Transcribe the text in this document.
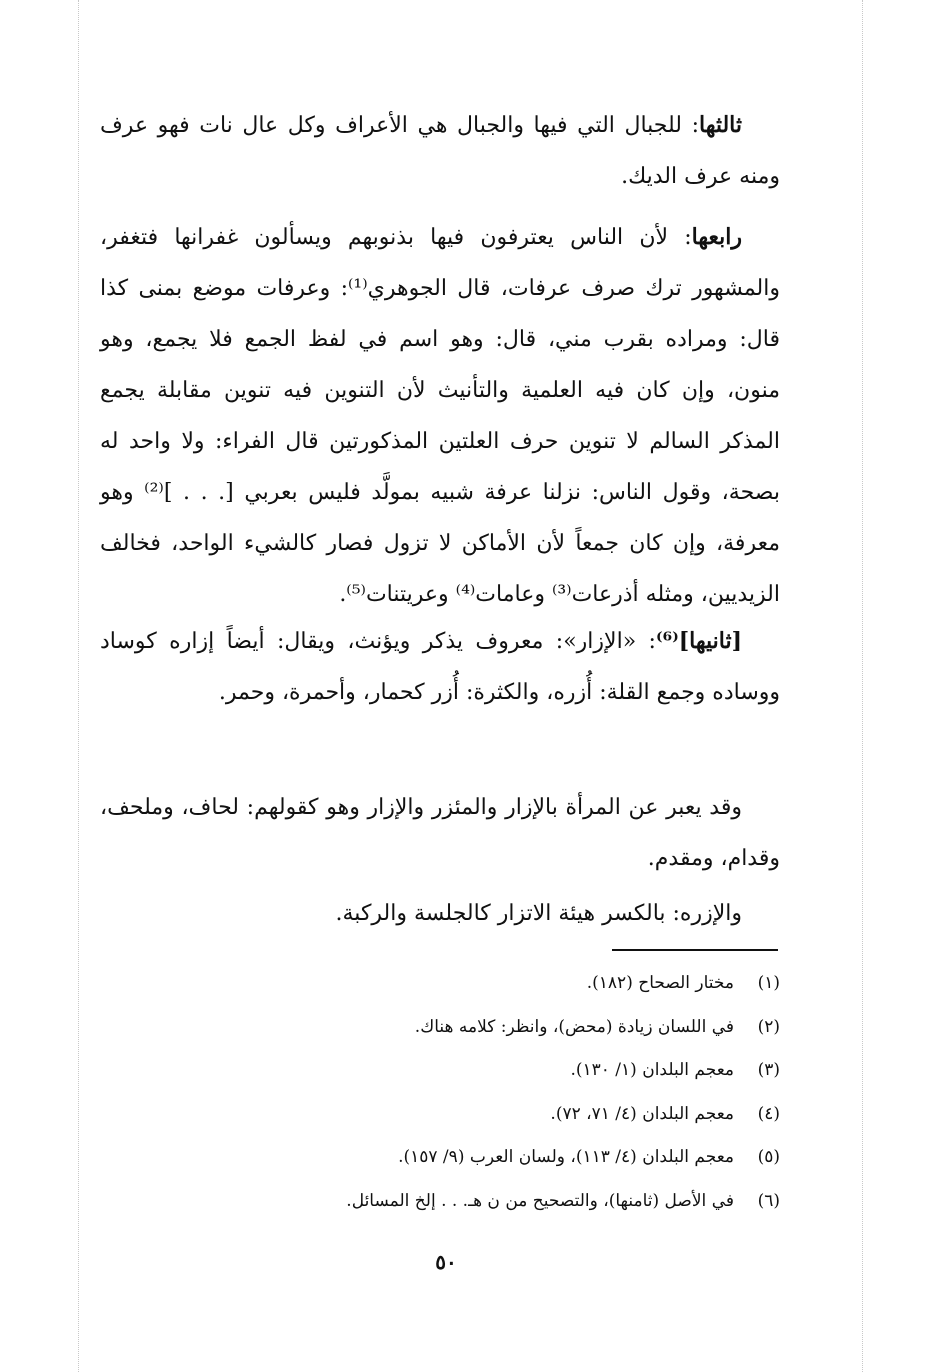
ثالثها: للجبال التي فيها والجبال هي الأعراف وكل عال نات فهو عرف ومنه عرف الديك.

رابعها: لأن الناس يعترفون فيها بذنوبهم ويسألون غفرانها فتغفر، والمشهور ترك صرف عرفات، قال الجوهري⁽¹⁾: وعرفات موضع بمنى كذا قال: ومراده بقرب مني، قال: وهو اسم في لفظ الجمع فلا يجمع، وهو منون، وإن كان فيه العلمية والتأنيث لأن التنوين فيه تنوين مقابلة يجمع المذكر السالم لا تنوين حرف العلتين المذكورتين قال الفراء: ولا واحد له بصحة، وقول الناس: نزلنا عرفة شبيه بمولَّد فليس بعربي [. . . ]⁽²⁾ وهو معرفة، وإن كان جمعاً لأن الأماكن لا تزول فصار كالشيء الواحد، فخالف الزيديين، ومثله أذرعات⁽³⁾ وعامات⁽⁴⁾ وعريتنات⁽⁵⁾.

[ثانيها]⁽⁶⁾: «الإزار»: معروف يذكر ويؤنث، ويقال: أيضاً إزاره كوساد ووساده وجمع القلة: أُزره، والكثرة: أُزر كحمار، وأحمرة، وحمر.

وقد يعبر عن المرأة بالإزار والمئزر والإزار وهو كقولهم: لحاف، وملحف، وقدام، ومقدم.

والإزره: بالكسر هيئة الاتزار كالجلسة والركبة.

(١)
مختار الصحاح (١٨٢).
(٢)
في اللسان زيادة (محض)، وانظر: كلامه هناك.
(٣)
معجم البلدان (١/ ١٣٠).
(٤)
معجم البلدان (٤/ ٧١، ٧٢).
(٥)
معجم البلدان (٤/ ١١٣)، ولسان العرب (٩/ ١٥٧).
(٦)
في الأصل (ثامنها)، والتصحيح من ن هـ. . . إلخ المسائل.
٥٠
